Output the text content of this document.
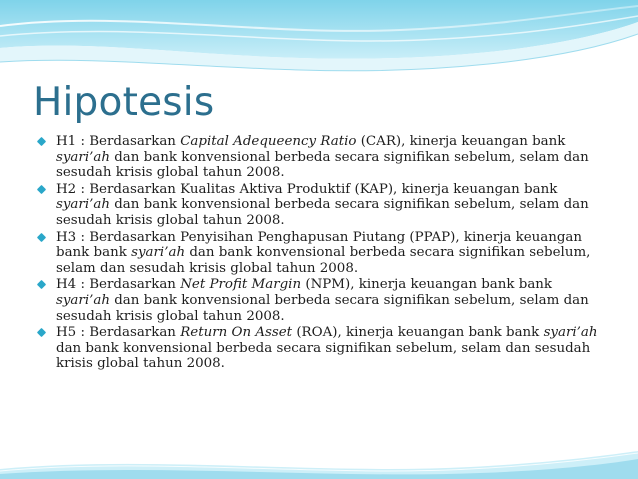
Hipotesis
H1 : Berdasarkan Capital Adequeency Ratio (CAR), kinerja keuangan bank syari’ah dan bank konvensional berbeda secara signifikan sebelum, selam dan sesudah krisis global tahun 2008.
H2 : Berdasarkan Kualitas Aktiva Produktif (KAP), kinerja keuangan bank syari’ah dan bank konvensional berbeda secara signifikan sebelum, selam dan sesudah krisis global tahun 2008.
H3 : Berdasarkan Penyisihan Penghapusan Piutang (PPAP), kinerja keuangan bank bank syari’ah dan bank konvensional berbeda secara signifikan sebelum, selam dan sesudah krisis global tahun 2008.
H4 : Berdasarkan Net Profit Margin (NPM), kinerja keuangan bank bank syari’ah dan bank konvensional berbeda secara signifikan sebelum, selam dan sesudah krisis global tahun 2008.
H5 : Berdasarkan Return On Asset (ROA), kinerja keuangan bank bank syari’ah dan bank konvensional berbeda secara signifikan sebelum, selam dan sesudah krisis global tahun 2008.
